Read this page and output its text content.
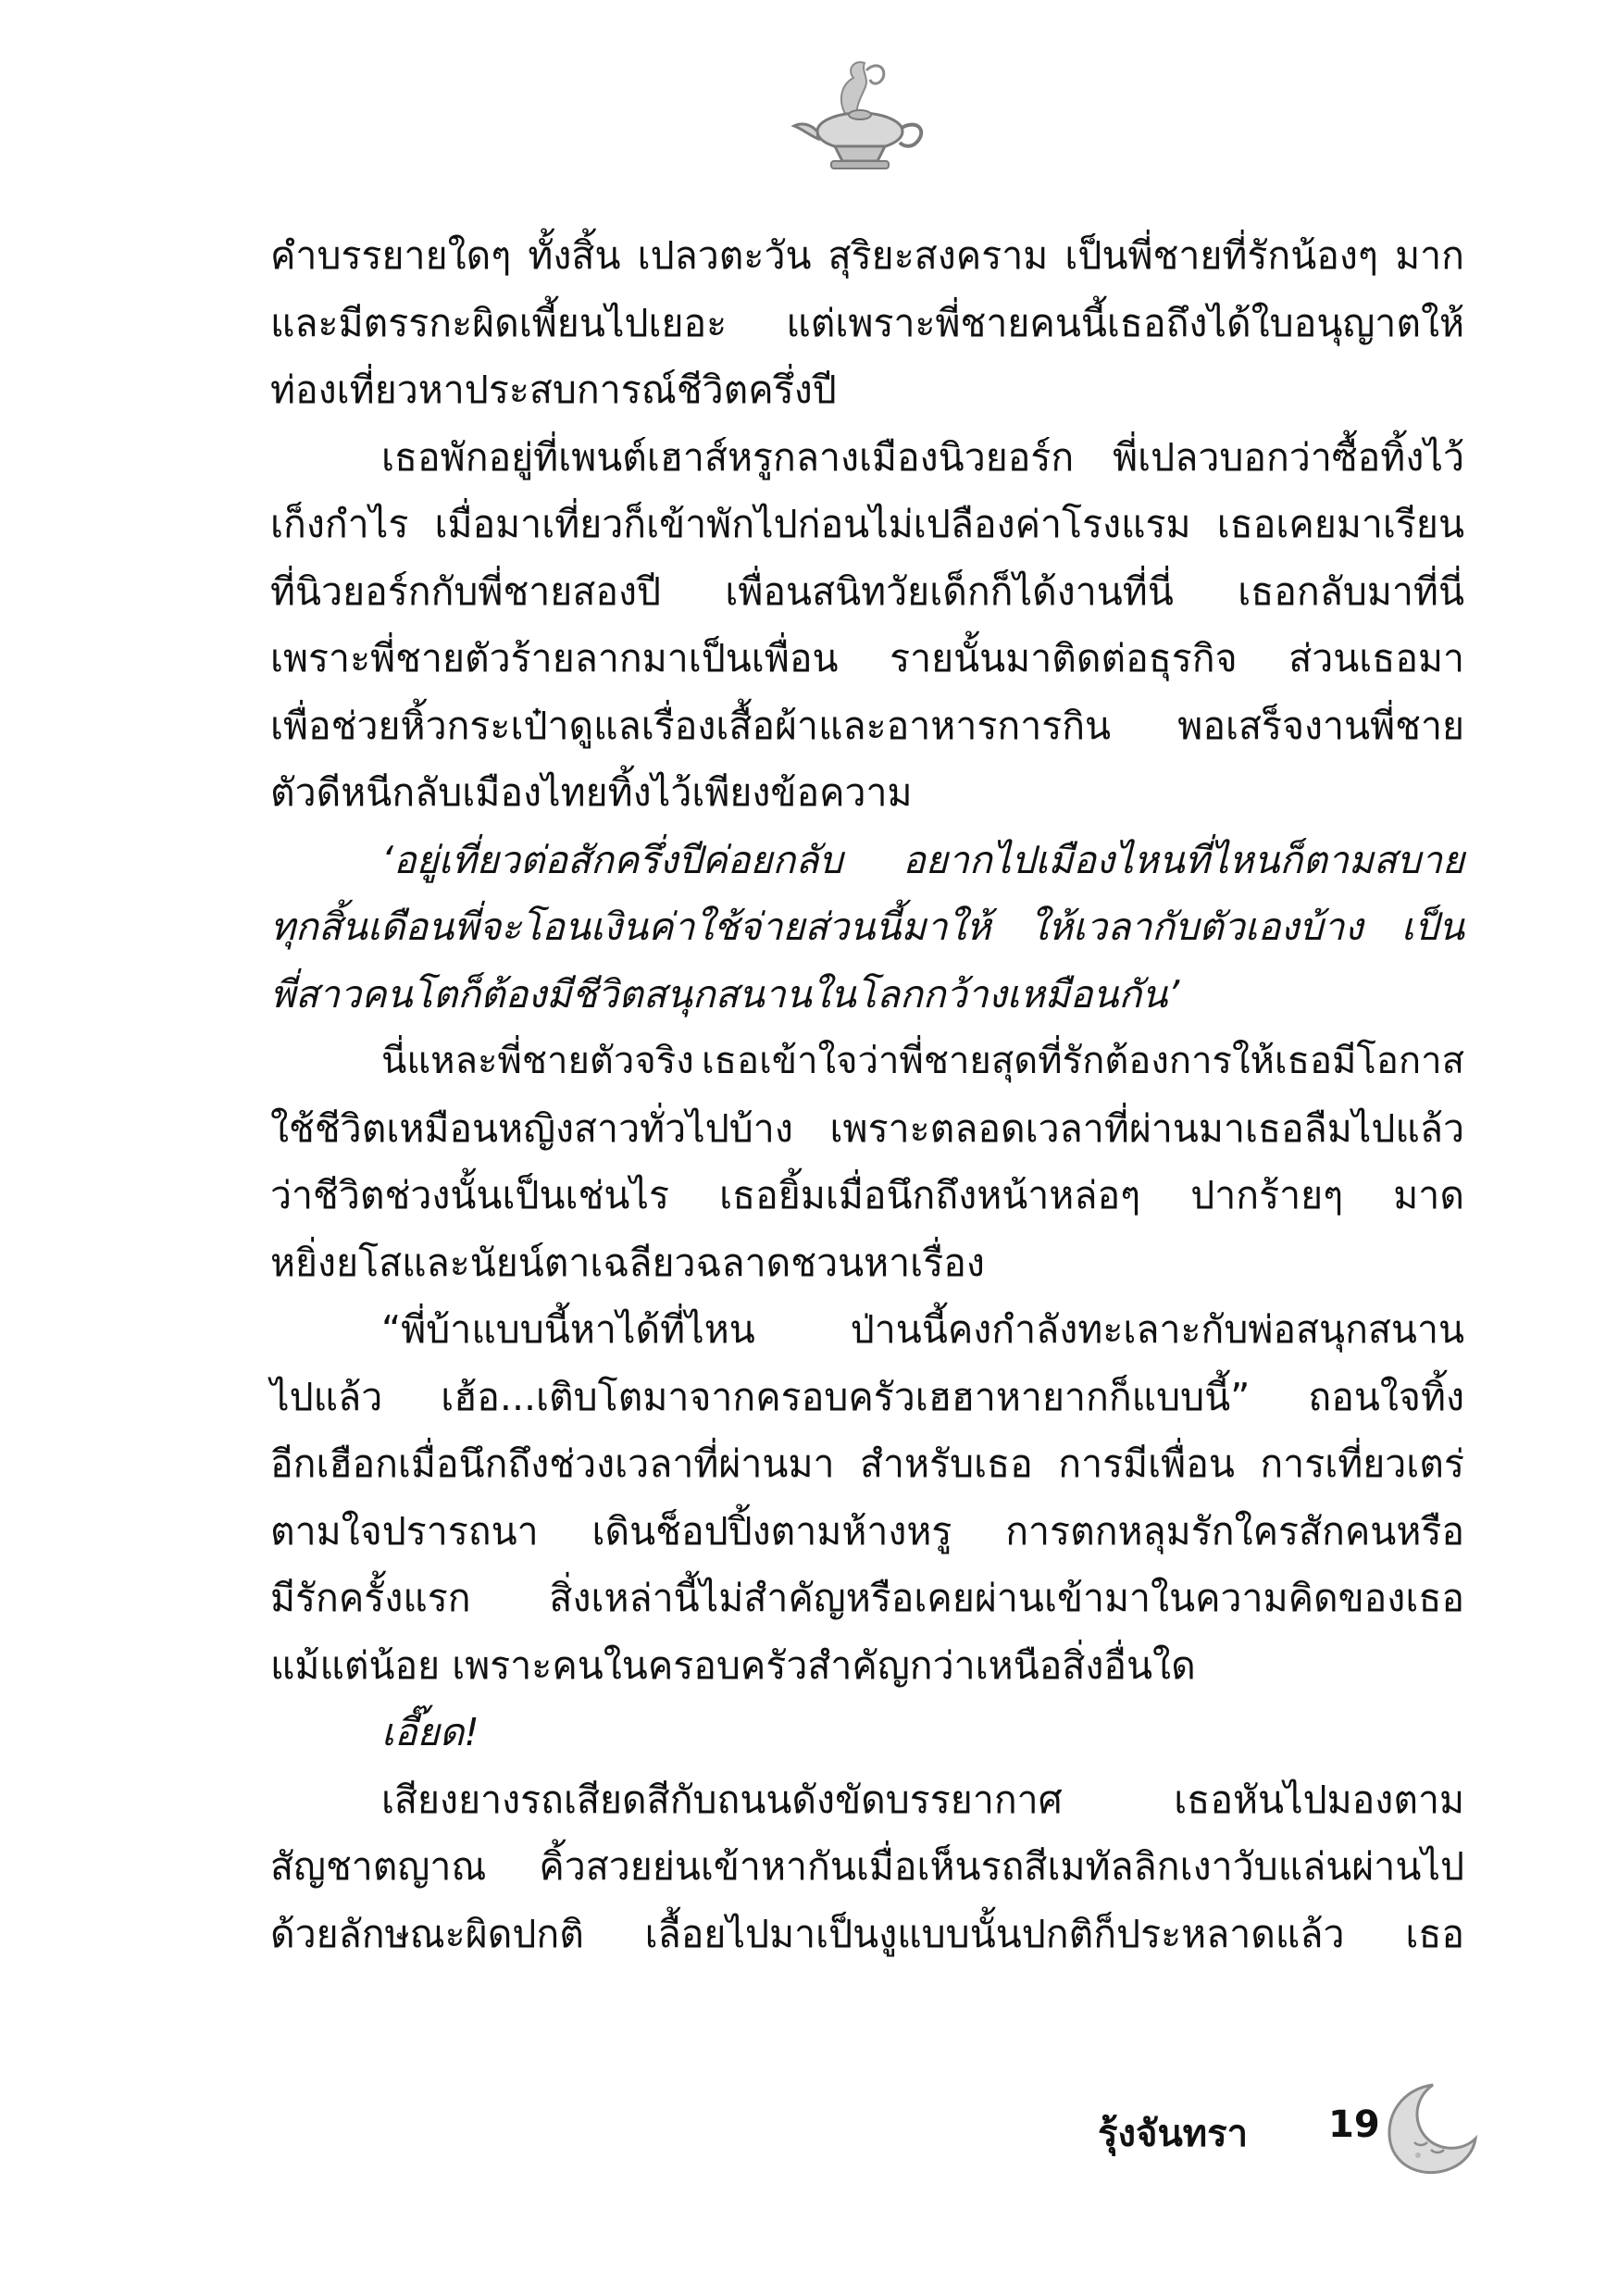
คำบรรยายใดๆ ทั้งสิ้น เปลวตะวัน สุริยะสงคราม เป็นพี่ชายที่รักน้องๆ มาก
และมีตรรกะผิดเพี้ยนไปเยอะ แต่เพราะพี่ชายคนนี้เธอถึงได้ใบอนุญาตให้
ท่องเที่ยวหาประสบการณ์ชีวิตครึ่งปี
เธอพักอยู่ที่เพนต์เฮาส์หรูกลางเมืองนิวยอร์ก พี่เปลวบอกว่าซื้อทิ้งไว้
เก็งกำไร เมื่อมาเที่ยวก็เข้าพักไปก่อนไม่เปลืองค่าโรงแรม เธอเคยมาเรียน
ที่นิวยอร์กกับพี่ชายสองปี เพื่อนสนิทวัยเด็กก็ได้งานที่นี่ เธอกลับมาที่นี่
เพราะพี่ชายตัวร้ายลากมาเป็นเพื่อน รายนั้นมาติดต่อธุรกิจ ส่วนเธอมา
เพื่อช่วยหิ้วกระเป๋าดูแลเรื่องเสื้อผ้าและอาหารการกิน พอเสร็จงานพี่ชาย
ตัวดีหนีกลับเมืองไทยทิ้งไว้เพียงข้อความ
‘อยู่เที่ยวต่อสักครึ่งปีค่อยกลับ อยากไปเมืองไหนที่ไหนก็ตามสบาย
ทุกสิ้นเดือนพี่จะโอนเงินค่าใช้จ่ายส่วนนี้มาให้ ให้เวลากับตัวเองบ้าง เป็น
พี่สาวคนโตก็ต้องมีชีวิตสนุกสนานในโลกกว้างเหมือนกัน’
นี่แหละพี่ชายตัวจริง เธอเข้าใจว่าพี่ชายสุดที่รักต้องการให้เธอมีโอกาส
ใช้ชีวิตเหมือนหญิงสาวทั่วไปบ้าง เพราะตลอดเวลาที่ผ่านมาเธอลืมไปแล้ว
ว่าชีวิตช่วงนั้นเป็นเช่นไร เธอยิ้มเมื่อนึกถึงหน้าหล่อๆ ปากร้ายๆ มาด
หยิ่งยโสและนัยน์ตาเฉลียวฉลาดชวนหาเรื่อง
“พี่บ้าแบบนี้หาได้ที่ไหน	ป่านนี้คงกำลังทะเลาะกับพ่อสนุกสนาน
ไปแล้ว เฮ้อ...เติบโตมาจากครอบครัวเฮฮาหายากก็แบบนี้” ถอนใจทิ้ง
อีกเฮือกเมื่อนึกถึงช่วงเวลาที่ผ่านมา สำหรับเธอ การมีเพื่อน การเที่ยวเตร่
ตามใจปรารถนา เดินช็อปปิ้งตามห้างหรู การตกหลุมรักใครสักคนหรือ
มีรักครั้งแรก สิ่งเหล่านี้ไม่สำคัญหรือเคยผ่านเข้ามาในความคิดของเธอ
แม้แต่น้อย เพราะคนในครอบครัวสำคัญกว่าเหนือสิ่งอื่นใด
เอี๊ยด!
เสียงยางรถเสียดสีกับถนนดังขัดบรรยากาศ	เธอหันไปมองตาม
สัญชาตญาณ คิ้วสวยย่นเข้าหากันเมื่อเห็นรถสีเมทัลลิกเงาวับแล่นผ่านไป
ด้วยลักษณะผิดปกติ เลื้อยไปมาเป็นงูแบบนั้นปกติก็ประหลาดแล้ว เธอ
รุ้งจันทรา 19
